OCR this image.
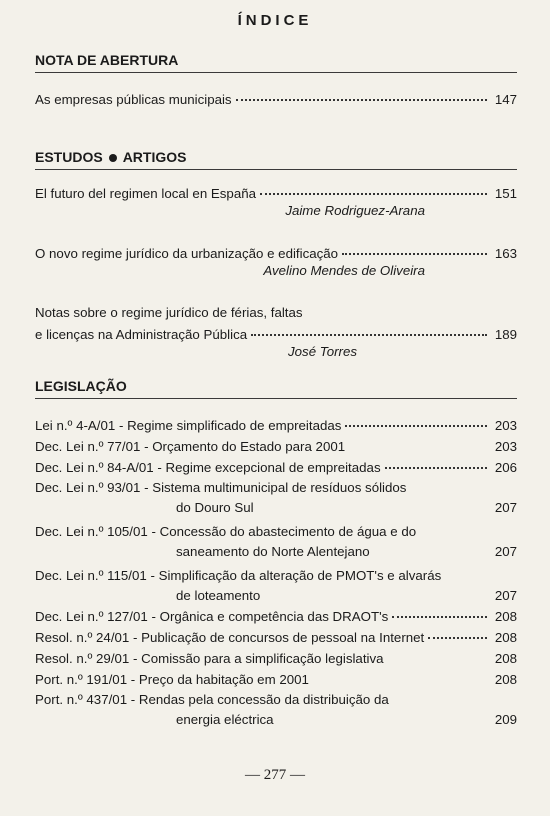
ÍNDICE
NOTA DE ABERTURA
As empresas públicas municipais	147
ESTUDOS ARTIGOS
El futuro del regimen local en España	151
Jaime Rodriguez-Arana
O novo regime jurídico da urbanização e edificação	163
Avelino Mendes de Oliveira
Notas sobre o regime jurídico de férias, faltas
e licenças na Administração Pública	189
José Torres
LEGISLAÇÃO
Lei n.º 4-A/01 - Regime simplificado de empreitadas	203
Dec. Lei n.º 77/01 - Orçamento do Estado para 2001	203
Dec. Lei n.º 84-A/01 - Regime excepcional de empreitadas	206
Dec. Lei n.º 93/01 - Sistema multimunicipal de resíduos sólidos
do Douro Sul	207
Dec. Lei n.º 105/01 - Concessão do abastecimento de água e do
saneamento do Norte Alentejano	207
Dec. Lei n.º 115/01 - Simplificação da alteração de PMOT's e alvarás
de loteamento	207
Dec. Lei n.º 127/01 - Orgânica e competência das DRAOT's	208
Resol. n.º 24/01 - Publicação de concursos de pessoal na Internet	208
Resol. n.º 29/01 - Comissão para a simplificação legislativa	208
Port. n.º 191/01 - Preço da habitação em 2001	208
Port. n.º 437/01 - Rendas pela concessão da distribuição da
energia eléctrica	209
— 277 —
